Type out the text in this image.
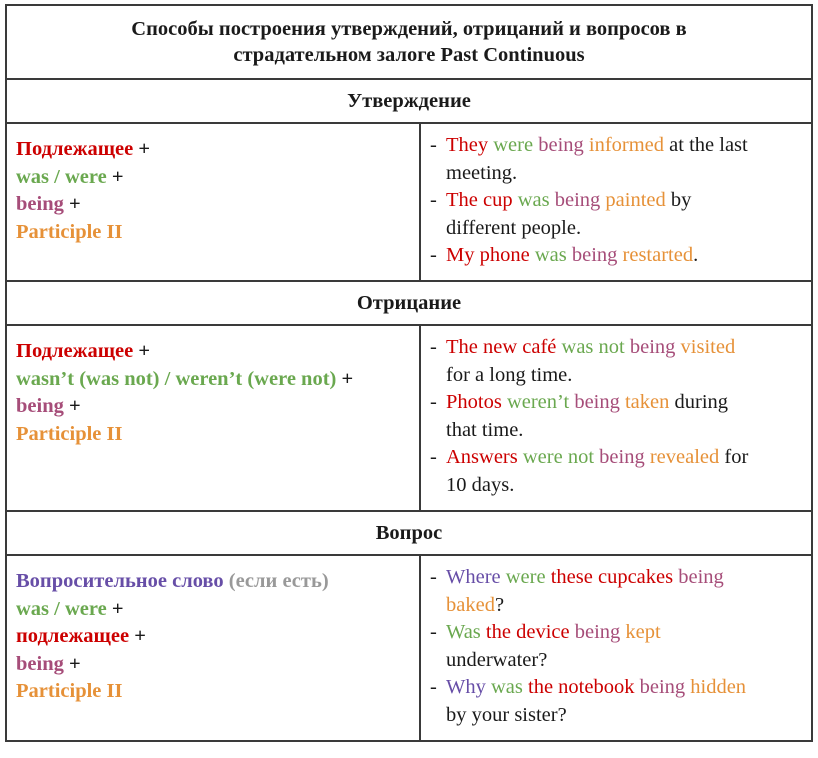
Способы построения утверждений, отрицаний и вопросов в
страдательном залоге Past Continuous
Утверждение
Подлежащее +
was / were +
being +
Participle II
- They were being informed at the last
meeting.
- The cup was being painted by
different people.
- My phone was being restarted.
Отрицание
Подлежащее +
wasn’t (was not) / weren’t (were not) +
being +
Participle II
- The new café was not being visited
for a long time.
- Photos weren’t being taken during
that time.
- Answers were not being revealed for
10 days.
Вопрос
Вопросительное слово (если есть)
was / were +
подлежащее +
being +
Participle II
- Where were these cupcakes being
baked?
- Was the device being kept
underwater?
- Why was the notebook being hidden
by your sister?
